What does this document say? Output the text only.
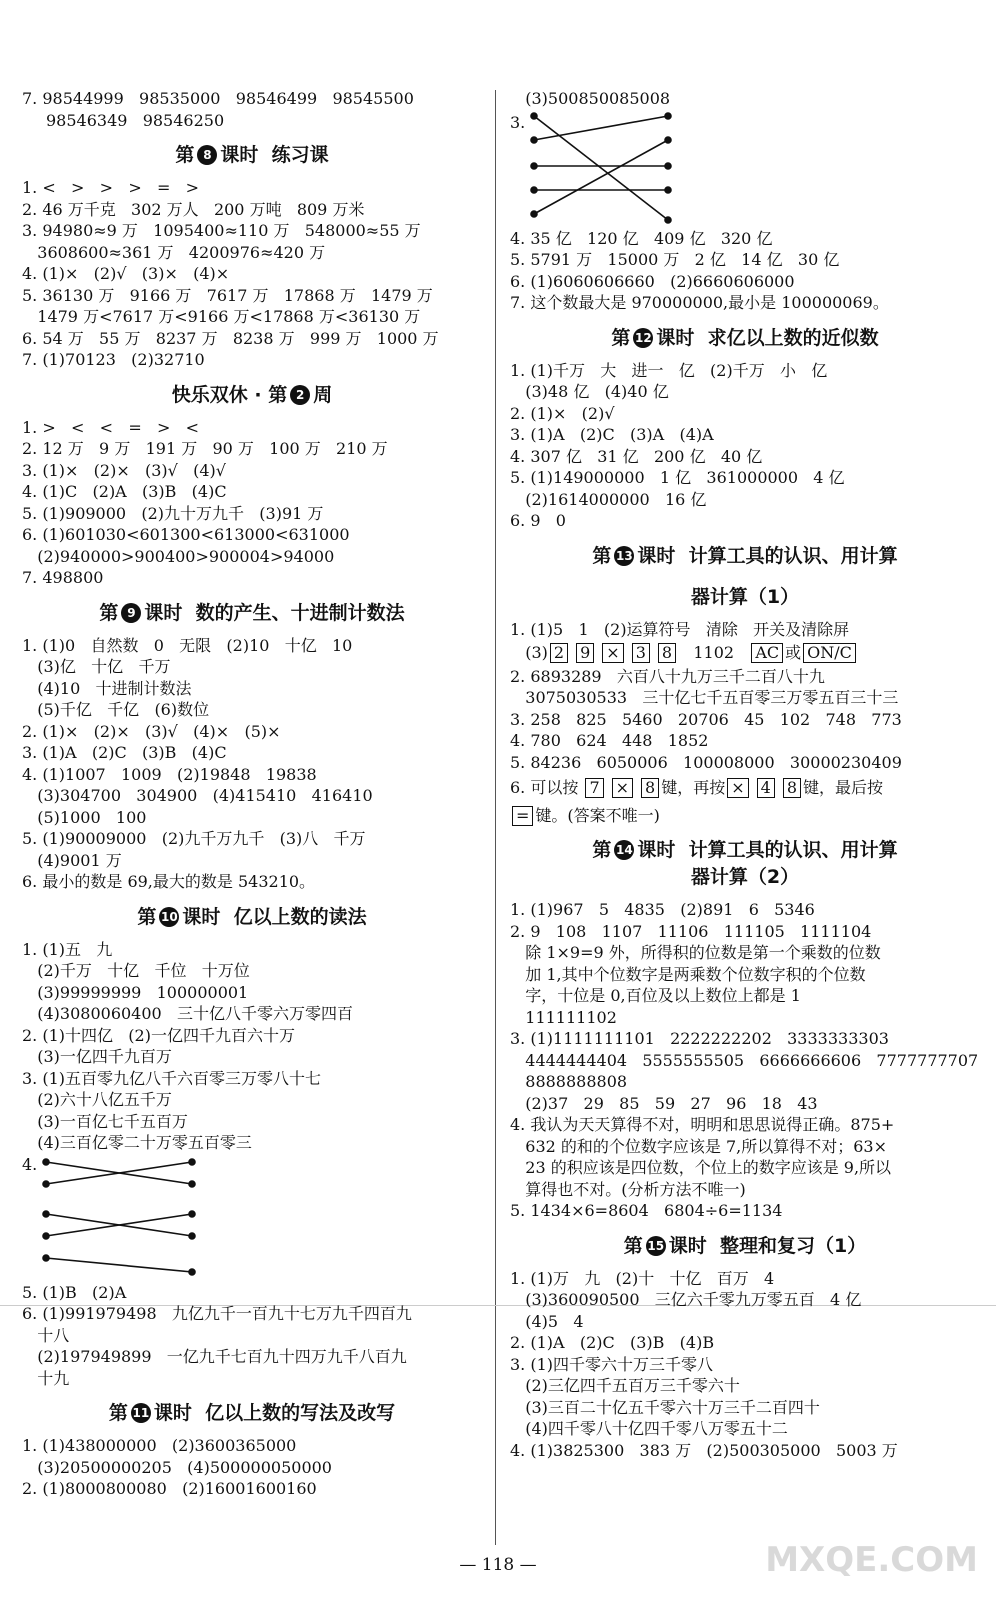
7. 98544999   98535000   98546499   98545500
98546349   98546250
第 8 课时  练习课
1. <   >   >   >   =   >
2. 46 万千克   302 万人   200 万吨   809 万米
3. 94980≈9 万   1095400≈110 万   548000≈55 万
3608600≈361 万   4200976≈420 万
4. (1)×   (2)√   (3)×   (4)×
5. 36130 万   9166 万   7617 万   17868 万   1479 万
1479 万<7617 万<9166 万<17868 万<36130 万
6. 54 万   55 万   8237 万   8238 万   999 万   1000 万
7. (1)70123   (2)32710
快乐双休 · 第 2 周
1. >   <   <   =   >   <
2. 12 万   9 万   191 万   90 万   100 万   210 万
3. (1)×   (2)×   (3)√   (4)√
4. (1)C   (2)A   (3)B   (4)C
5. (1)909000   (2)九十万九千   (3)91 万
6. (1)601030<601300<613000<631000
(2)940000>900400>900004>94000
7. 498800
第 9 课时  数的产生、十进制计数法
1. (1)0   自然数   0   无限   (2)10   十亿   10
(3)亿   十亿   千万
(4)10   十进制计数法
(5)千亿   千亿   (6)数位
2. (1)×   (2)×   (3)√   (4)×   (5)×
3. (1)A   (2)C   (3)B   (4)C
4. (1)1007   1009   (2)19848   19838
(3)304700   304900   (4)415410   416410
(5)1000   100
5. (1)90009000   (2)九千万九千   (3)八   千万
(4)9001 万
6. 最小的数是 69,最大的数是 543210。
第 10 课时  亿以上数的读法
1. (1)五   九
(2)千万   十亿   千位   十万位
(3)99999999   100000001
(4)3080060400   三十亿八千零六万零四百
2. (1)十四亿   (2)一亿四千九百六十万
(3)一亿四千九百万
3. (1)五百零九亿八千六百零三万零八十七
(2)六十八亿五千万
(3)一百亿七千五百万
(4)三百亿零二十万零五百零三
4.
5. (1)B   (2)A
6. (1)991979498   九亿九千一百九十七万九千四百九
十八
(2)197949899   一亿九千七百九十四万九千八百九
十九
第 11 课时  亿以上数的写法及改写
1. (1)438000000   (2)3600365000
(3)20500000205   (4)500000050000
2. (1)8000800080   (2)16001600160
(3)500850085008
3.
4. 35 亿   120 亿   409 亿   320 亿
5. 5791 万   15000 万   2 亿   14 亿   30 亿
6. (1)6060606660   (2)6660606000
7. 这个数最大是 970000000,最小是 100000069。
第 12 课时  求亿以上数的近似数
1. (1)千万   大   进一   亿   (2)千万   小   亿
(3)48 亿   (4)40 亿
2. (1)×   (2)√
3. (1)A   (2)C   (3)A   (4)A
4. 307 亿   31 亿   200 亿   40 亿
5. (1)149000000   1 亿   361000000   4 亿
(2)1614000000   16 亿
6. 9   0
第 13 课时  计算工具的认识、用计算
器计算（1）
1. (1)5   1   (2)运算符号   清除   开关及清除屏
(3) 2 9 × 3 8 1102 AC 或 ON/C
2. 6893289   六百八十九万三千二百八十九
3075030533   三十亿七千五百零三万零五百三十三
3. 258   825   5460   20706   45   102   748   773
4. 780   624   448   1852
5. 84236   6050006   100008000   30000230409
6. 可以按 7 × 8 键，再按 × 4 8 键，最后按
= 键。(答案不唯一)
第 14 课时  计算工具的认识、用计算
器计算（2）
1. (1)967   5   4835   (2)891   6   5346
2. 9   108   1107   11106   111105   1111104
除 1×9=9 外，所得积的位数是第一个乘数的位数
加 1,其中个位数字是两乘数个位数字积的个位数
字，十位是 0,百位及以上数位上都是 1
111111102
3. (1)1111111101   2222222202   3333333303
4444444404   5555555505   6666666606   7777777707
8888888808
(2)37   29   85   59   27   96   18   43
4. 我认为天天算得不对，明明和思思说得正确。875+
632 的和的个位数字应该是 7,所以算得不对；63×
23 的积应该是四位数，个位上的数字应该是 9,所以
算得也不对。(分析方法不唯一)
5. 1434×6=8604   6804÷6=1134
第 15 课时  整理和复习（1）
1. (1)万   九   (2)十   十亿   百万   4
(3)360090500   三亿六千零九万零五百   4 亿
(4)5   4
2. (1)A   (2)C   (3)B   (4)B
3. (1)四千零六十万三千零八
(2)三亿四千五百万三千零六十
(3)三百二十亿五千零六十万三千二百四十
(4)四千零八十亿四千零八万零五十二
4. (1)3825300   383 万   (2)500305000   5003 万
— 118 —	MXQE.COM
